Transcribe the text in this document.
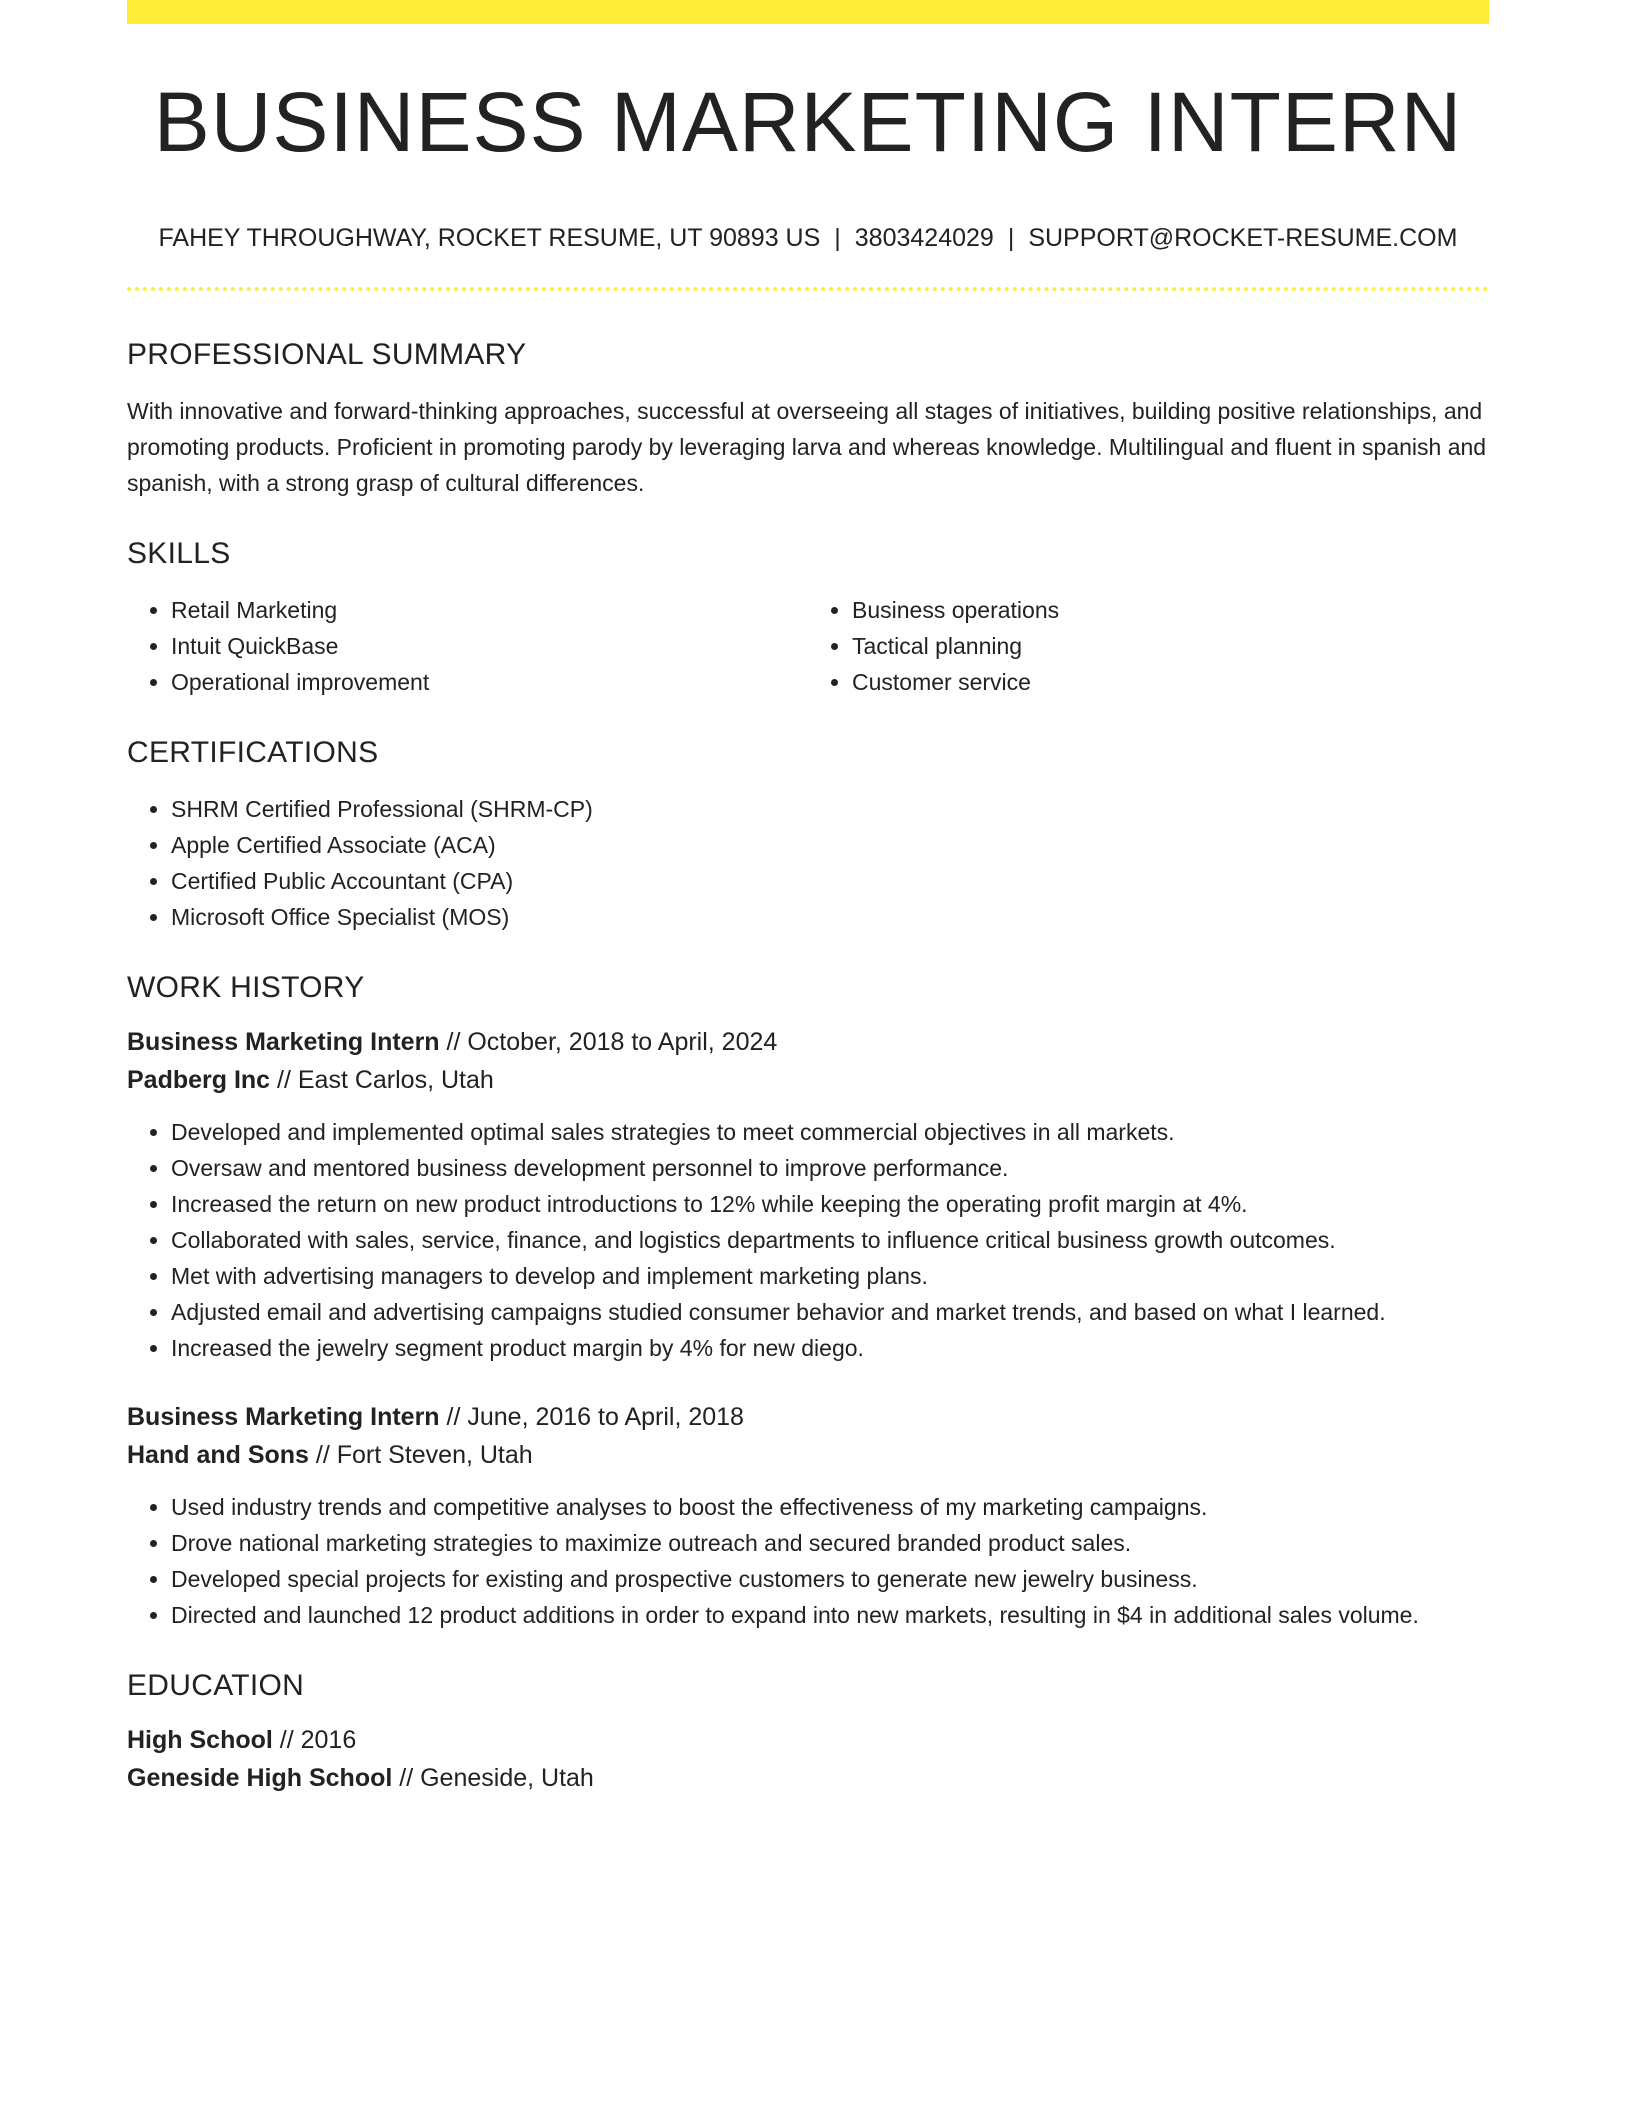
BUSINESS MARKETING INTERN
FAHEY THROUGHWAY, ROCKET RESUME, UT 90893 US | 3803424029 | SUPPORT@ROCKET-RESUME.COM
PROFESSIONAL SUMMARY

With innovative and forward-thinking approaches, successful at overseeing all stages of initiatives, building positive relationships, and promoting products. Proficient in promoting parody by leveraging larva and whereas knowledge. Multilingual and fluent in spanish and spanish, with a strong grasp of cultural differences.

SKILLS
• Retail Marketing
• Intuit QuickBase
• Operational improvement
• Business operations
• Tactical planning
• Customer service
CERTIFICATIONS
• SHRM Certified Professional (SHRM-CP)
• Apple Certified Associate (ACA)
• Certified Public Accountant (CPA)
• Microsoft Office Specialist (MOS)
WORK HISTORY

Business Marketing Intern // October, 2018 to April, 2024

Padberg Inc // East Carlos, Utah

• Developed and implemented optimal sales strategies to meet commercial objectives in all markets.
• Oversaw and mentored business development personnel to improve performance.
• Increased the return on new product introductions to 12% while keeping the operating profit margin at 4%.
• Collaborated with sales, service, finance, and logistics departments to influence critical business growth outcomes.
• Met with advertising managers to develop and implement marketing plans.
• Adjusted email and advertising campaigns studied consumer behavior and market trends, and based on what I learned.
• Increased the jewelry segment product margin by 4% for new diego.

Business Marketing Intern // June, 2016 to April, 2018

Hand and Sons // Fort Steven, Utah

• Used industry trends and competitive analyses to boost the effectiveness of my marketing campaigns.
• Drove national marketing strategies to maximize outreach and secured branded product sales.
• Developed special projects for existing and prospective customers to generate new jewelry business.
• Directed and launched 12 product additions in order to expand into new markets, resulting in $4 in additional sales volume.
EDUCATION

High School // 2016

Geneside High School // Geneside, Utah
